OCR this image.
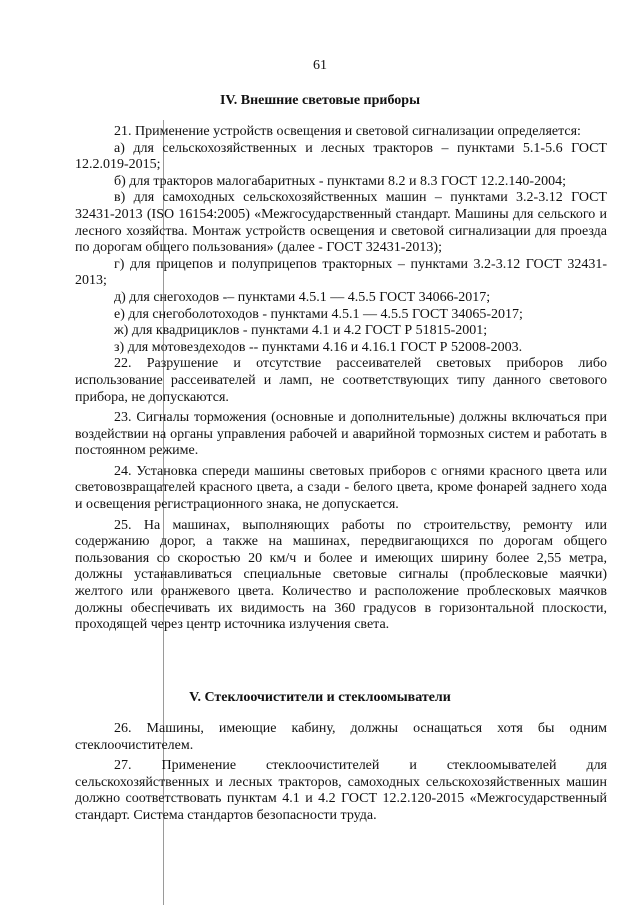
61
IV. Внешние световые приборы

21. Применение устройств освещения и световой сигнализации определяется:

а) для сельскохозяйственных и лесных тракторов – пунктами 5.1-5.6 ГОСТ 12.2.019-2015;

б) для тракторов малогабаритных - пунктами 8.2 и 8.3 ГОСТ 12.2.140-2004;

в) для самоходных сельскохозяйственных машин – пунктами 3.2-3.12 ГОСТ 32431-2013 (ISO 16154:2005) «Межгосударственный стандарт. Машины для сельского и лесного хозяйства. Монтаж устройств освещения и световой сигнализации для проезда по дорогам общего пользования» (далее - ГОСТ 32431-2013);

г) для прицепов и полуприцепов тракторных – пунктами 3.2-3.12 ГОСТ 32431-2013;

д) для снегоходов -– пунктами 4.5.1 –– 4.5.5 ГОСТ 34066-2017;

е) для снегоболотоходов - пунктами 4.5.1 –– 4.5.5 ГОСТ 34065-2017;

ж) для квадрициклов - пунктами 4.1 и 4.2 ГОСТ Р 51815-2001;

з) для мотовездеходов -- пунктами 4.16 и 4.16.1 ГОСТ Р 52008-2003.

22. Разрушение и отсутствие рассеивателей световых приборов либо использование рассеивателей и ламп, не соответствующих типу данного светового прибора, не допускаются.

23. Сигналы торможения (основные и дополнительные) должны включаться при воздействии на органы управления рабочей и аварийной тормозных систем и работать в постоянном режиме.

24. Установка спереди машины световых приборов с огнями красного цвета или световозвращателей красного цвета, а сзади - белого цвета, кроме фонарей заднего хода и освещения регистрационного знака, не допускается.

25. На машинах, выполняющих работы по строительству, ремонту или содержанию дорог, а также на машинах, передвигающихся по дорогам общего пользования со скоростью 20 км/ч и более и имеющих ширину более 2,55 метра, должны устанавливаться специальные световые сигналы (проблесковые маячки) желтого или оранжевого цвета. Количество и расположение проблесковых маячков должны обеспечивать их видимость на 360 градусов в горизонтальной плоскости, проходящей через центр источника излучения света.

V. Стеклоочистители и стеклоомыватели

26. Машины, имеющие кабину, должны оснащаться хотя бы одним стеклоочистителем.

27. Применение стеклоочистителей и стеклоомывателей для сельскохозяйственных и лесных тракторов, самоходных сельскохозяйственных машин должно соответствовать пунктам 4.1 и 4.2 ГОСТ 12.2.120-2015 «Межгосударственный стандарт. Система стандартов безопасности труда.
